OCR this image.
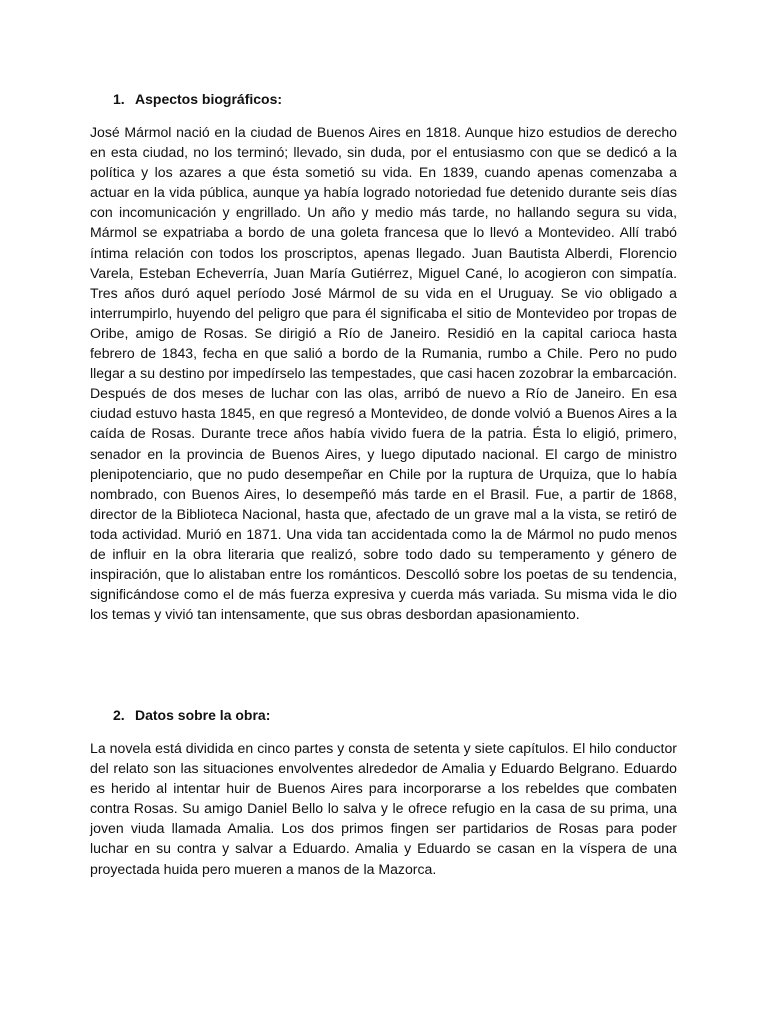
1. Aspectos biográficos:

José Mármol nació en la ciudad de Buenos Aires en 1818. Aunque hizo estudios de derecho en esta ciudad, no los terminó; llevado, sin duda, por el entusiasmo con que se dedicó a la política y los azares a que ésta sometió su vida. En 1839, cuando apenas comenzaba a actuar en la vida pública, aunque ya había logrado notoriedad fue detenido durante seis días con incomunicación y engrillado. Un año y medio más tarde, no hallando segura su vida, Mármol se expatriaba a bordo de una goleta francesa que lo llevó a Montevideo. Allí trabó íntima relación con todos los proscriptos, apenas llegado. Juan Bautista Alberdi, Florencio Varela, Esteban Echeverría, Juan María Gutiérrez, Miguel Cané, lo acogieron con simpatía. Tres años duró aquel período José Mármol de su vida en el Uruguay. Se vio obligado a interrumpirlo, huyendo del peligro que para él significaba el sitio de Montevideo por tropas de Oribe, amigo de Rosas. Se dirigió a Río de Janeiro. Residió en la capital carioca hasta febrero de 1843, fecha en que salió a bordo de la Rumania, rumbo a Chile. Pero no pudo llegar a su destino por impedírselo las tempestades, que casi hacen zozobrar la embarcación. Después de dos meses de luchar con las olas, arribó de nuevo a Río de Janeiro. En esa ciudad estuvo hasta 1845, en que regresó a Montevideo, de donde volvió a Buenos Aires a la caída de Rosas. Durante trece años había vivido fuera de la patria. Ésta lo eligió, primero, senador en la provincia de Buenos Aires, y luego diputado nacional. El cargo de ministro plenipotenciario, que no pudo desempeñar en Chile por la ruptura de Urquiza, que lo había nombrado, con Buenos Aires, lo desempeñó más tarde en el Brasil. Fue, a partir de 1868, director de la Biblioteca Nacional, hasta que, afectado de un grave mal a la vista, se retiró de toda actividad. Murió en 1871. Una vida tan accidentada como la de Mármol no pudo menos de influir en la obra literaria que realizó, sobre todo dado su temperamento y género de inspiración, que lo alistaban entre los románticos. Descolló sobre los poetas de su tendencia, significándose como el de más fuerza expresiva y cuerda más variada. Su misma vida le dio los temas y vivió tan intensamente, que sus obras desbordan apasionamiento.

2. Datos sobre la obra:

La novela está dividida en cinco partes y consta de setenta y siete capítulos. El hilo conductor del relato son las situaciones envolventes alrededor de Amalia y Eduardo Belgrano. Eduardo es herido al intentar huir de Buenos Aires para incorporarse a los rebeldes que combaten contra Rosas. Su amigo Daniel Bello lo salva y le ofrece refugio en la casa de su prima, una joven viuda llamada Amalia. Los dos primos fingen ser partidarios de Rosas para poder luchar en su contra y salvar a Eduardo. Amalia y Eduardo se casan en la víspera de una proyectada huida pero mueren a manos de la Mazorca.
